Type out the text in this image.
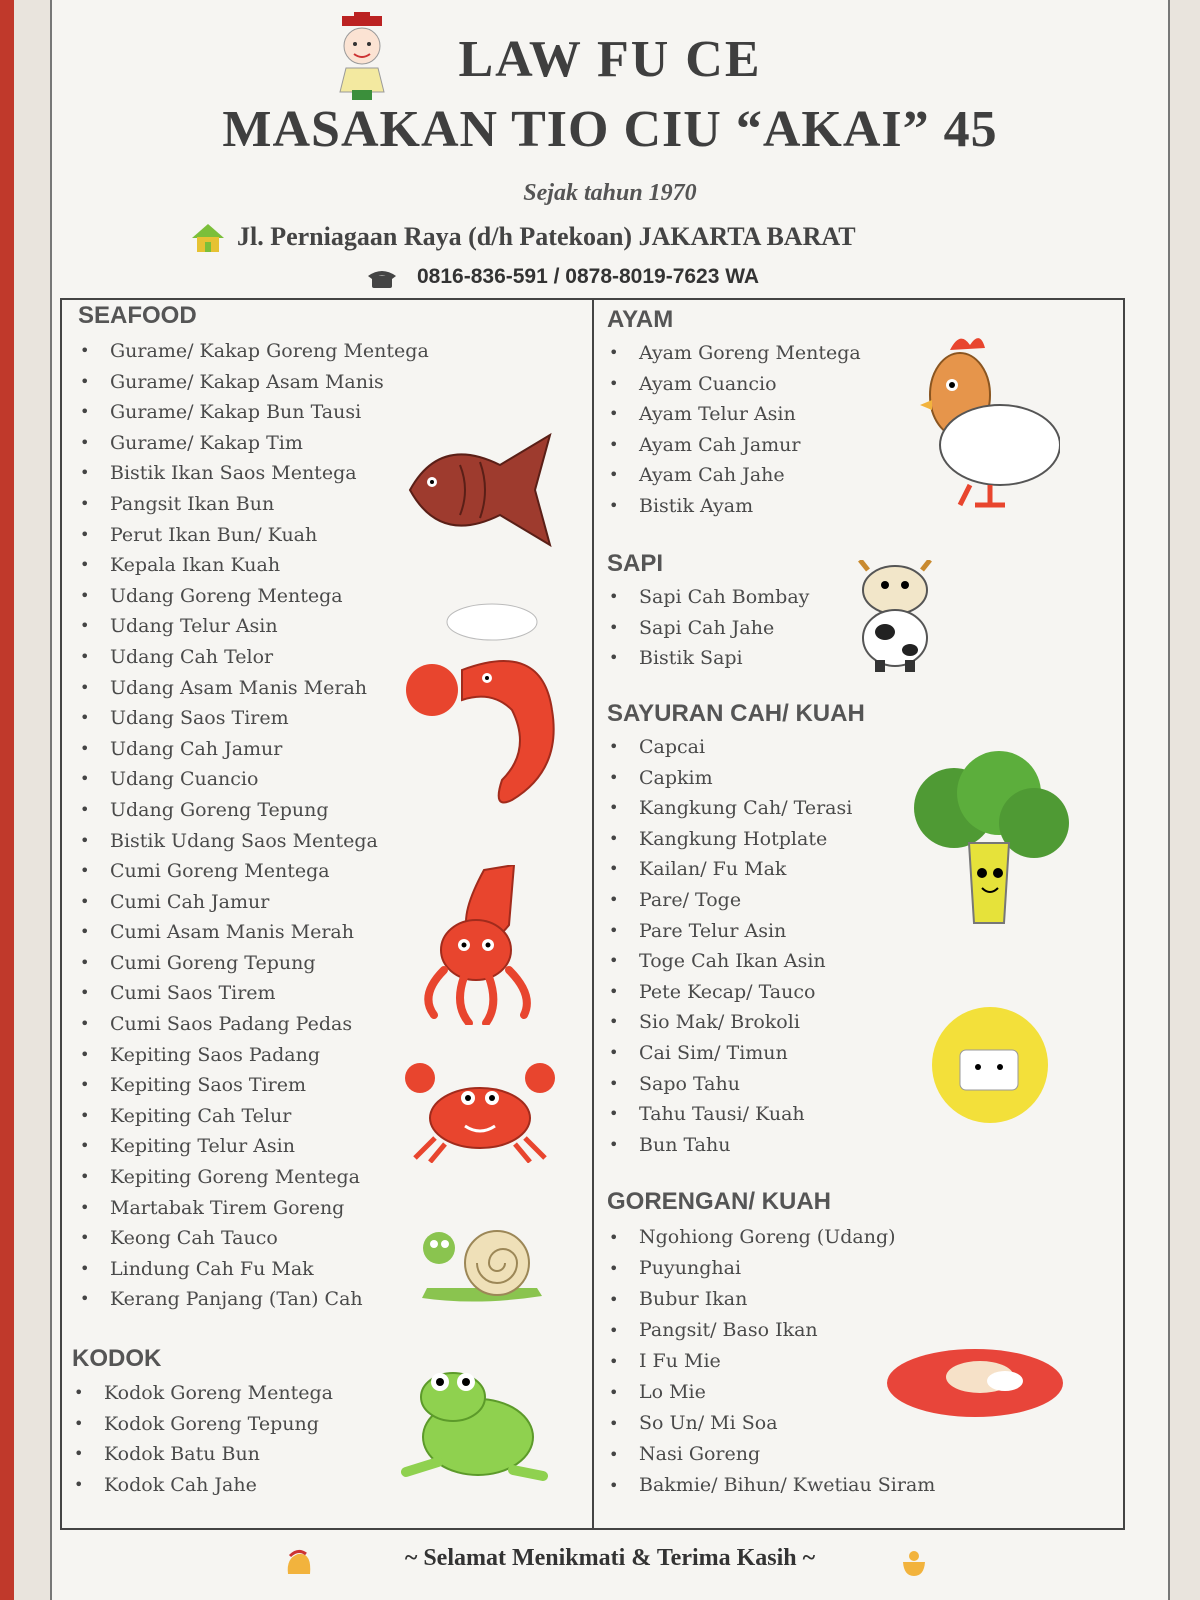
LAW FU CE
MASAKAN TIO CIU “AKAI” 45
Sejak tahun 1970
Jl. Perniagaan Raya (d/h Patekoan) JAKARTA BARAT
0816-836-591 / 0878-8019-7623 WA
SEAFOOD
• Gurame/ Kakap Goreng Mentega
• Gurame/ Kakap Asam Manis
• Gurame/ Kakap Bun Tausi
• Gurame/ Kakap Tim
• Bistik Ikan Saos Mentega
• Pangsit Ikan Bun
• Perut Ikan Bun/ Kuah
• Kepala Ikan Kuah
• Udang Goreng Mentega
• Udang Telur Asin
• Udang Cah Telor
• Udang Asam Manis Merah
• Udang Saos Tirem
• Udang Cah Jamur
• Udang Cuancio
• Udang Goreng Tepung
• Bistik Udang Saos Mentega
• Cumi Goreng Mentega
• Cumi Cah Jamur
• Cumi Asam Manis Merah
• Cumi Goreng Tepung
• Cumi Saos Tirem
• Cumi Saos Padang Pedas
• Kepiting Saos Padang
• Kepiting Saos Tirem
• Kepiting Cah Telur
• Kepiting Telur Asin
• Kepiting Goreng Mentega
• Martabak Tirem Goreng
• Keong Cah Tauco
• Lindung Cah Fu Mak
• Kerang Panjang (Tan) Cah
KODOK
• Kodok Goreng Mentega
• Kodok Goreng Tepung
• Kodok Batu Bun
• Kodok Cah Jahe
AYAM
• Ayam Goreng Mentega
• Ayam Cuancio
• Ayam Telur Asin
• Ayam Cah Jamur
• Ayam Cah Jahe
• Bistik Ayam
SAPI
• Sapi Cah Bombay
• Sapi Cah Jahe
• Bistik Sapi
SAYURAN CAH/ KUAH
• Capcai
• Capkim
• Kangkung Cah/ Terasi
• Kangkung Hotplate
• Kailan/ Fu Mak
• Pare/ Toge
• Pare Telur Asin
• Toge Cah Ikan Asin
• Pete Kecap/ Tauco
• Sio Mak/ Brokoli
• Cai Sim/ Timun
• Sapo Tahu
• Tahu Tausi/ Kuah
• Bun Tahu
GORENGAN/ KUAH
• Ngohiong Goreng (Udang)
• Puyunghai
• Bubur Ikan
• Pangsit/ Baso Ikan
• I Fu Mie
• Lo Mie
• So Un/ Mi Soa
• Nasi Goreng
• Bakmie/ Bihun/ Kwetiau Siram
~ Selamat Menikmati & Terima Kasih ~
